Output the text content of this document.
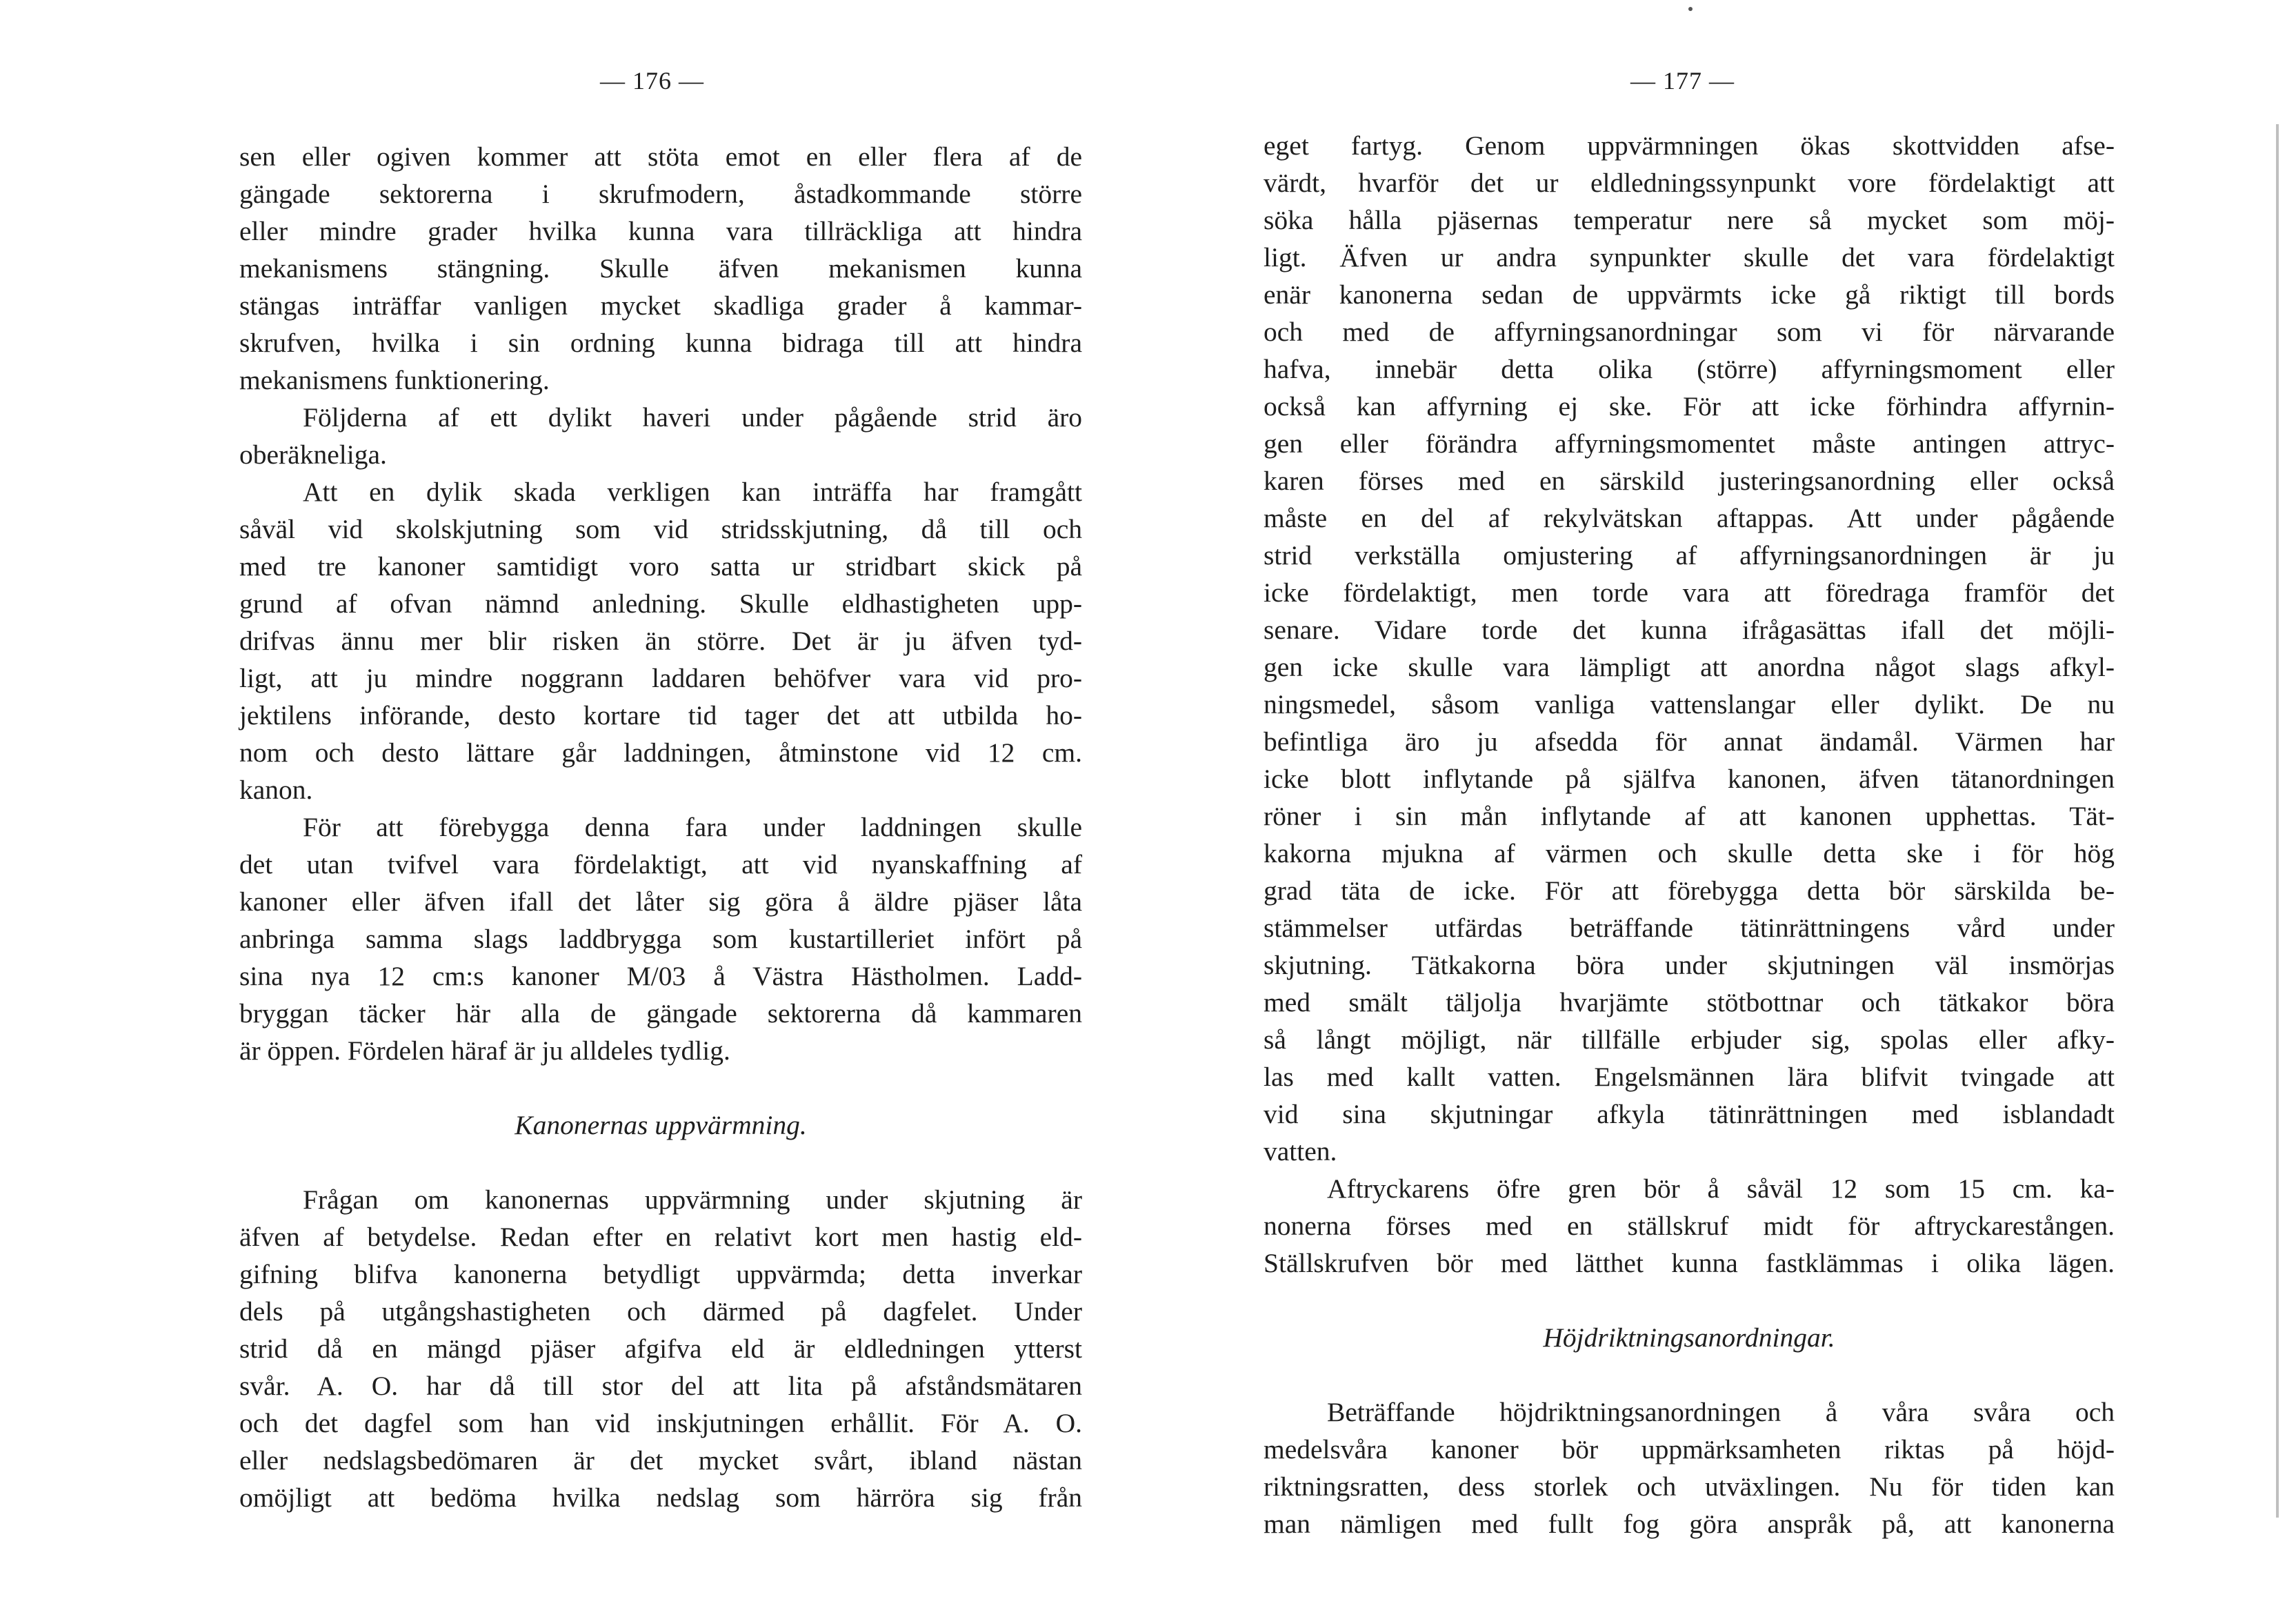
— 176 —
sen eller ogiven kommer att stöta emot en eller flera af de
gängade sektorerna i skrufmodern, åstadkommande större
eller mindre grader hvilka kunna vara tillräckliga att hindra
mekanismens stängning. Skulle äfven mekanismen kunna
stängas inträffar vanligen mycket skadliga grader å kammar-
skrufven, hvilka i sin ordning kunna bidraga till att hindra
mekanismens funktionering.
Följderna af ett dylikt haveri under pågående strid äro
oberäkneliga.
Att en dylik skada verkligen kan inträffa har framgått
såväl vid skolskjutning som vid stridsskjutning, då till och
med tre kanoner samtidigt voro satta ur stridbart skick på
grund af ofvan nämnd anledning. Skulle eldhastigheten upp-
drifvas ännu mer blir risken än större. Det är ju äfven tyd-
ligt, att ju mindre noggrann laddaren behöfver vara vid pro-
jektilens införande, desto kortare tid tager det att utbilda ho-
nom och desto lättare går laddningen, åtminstone vid 12 cm.
kanon.
För att förebygga denna fara under laddningen skulle
det utan tvifvel vara fördelaktigt, att vid nyanskaffning af
kanoner eller äfven ifall det låter sig göra å äldre pjäser låta
anbringa samma slags laddbrygga som kustartilleriet infört på
sina nya 12 cm:s kanoner M/03 å Västra Hästholmen. Ladd-
bryggan täcker här alla de gängade sektorerna då kammaren
är öppen. Fördelen häraf är ju alldeles tydlig.
Kanonernas uppvärmning.
Frågan om kanonernas uppvärmning under skjutning är
äfven af betydelse. Redan efter en relativt kort men hastig eld-
gifning blifva kanonerna betydligt uppvärmda; detta inverkar
dels på utgångshastigheten och därmed på dagfelet. Under
strid då en mängd pjäser afgifva eld är eldledningen ytterst
svår. A. O. har då till stor del att lita på afståndsmätaren
och det dagfel som han vid inskjutningen erhållit. För A. O.
eller nedslagsbedömaren är det mycket svårt, ibland nästan
omöjligt att bedöma hvilka nedslag som härröra sig från
— 177 —
eget fartyg. Genom uppvärmningen ökas skottvidden afse-
värdt, hvarför det ur eldledningssynpunkt vore fördelaktigt att
söka hålla pjäsernas temperatur nere så mycket som möj-
ligt. Äfven ur andra synpunkter skulle det vara fördelaktigt
enär kanonerna sedan de uppvärmts icke gå riktigt till bords
och med de affyrningsanordningar som vi för närvarande
hafva, innebär detta olika (större) affyrningsmoment eller
också kan affyrning ej ske. För att icke förhindra affyrnin-
gen eller förändra affyrningsmomentet måste antingen attryc-
karen förses med en särskild justeringsanordning eller också
måste en del af rekylvätskan aftappas. Att under pågående
strid verkställa omjustering af affyrningsanordningen är ju
icke fördelaktigt, men torde vara att föredraga framför det
senare. Vidare torde det kunna ifrågasättas ifall det möjli-
gen icke skulle vara lämpligt att anordna något slags afkyl-
ningsmedel, såsom vanliga vattenslangar eller dylikt. De nu
befintliga äro ju afsedda för annat ändamål. Värmen har
icke blott inflytande på själfva kanonen, äfven tätanordningen
röner i sin mån inflytande af att kanonen upphettas. Tät-
kakorna mjukna af värmen och skulle detta ske i för hög
grad täta de icke. För att förebygga detta bör särskilda be-
stämmelser utfärdas beträffande tätinrättningens vård under
skjutning. Tätkakorna böra under skjutningen väl insmörjas
med smält täljolja hvarjämte stötbottnar och tätkakor böra
så långt möjligt, när tillfälle erbjuder sig, spolas eller afky-
las med kallt vatten. Engelsmännen lära blifvit tvingade att
vid sina skjutningar afkyla tätinrättningen med isblandadt
vatten.
Aftryckarens öfre gren bör å såväl 12 som 15 cm. ka-
nonerna förses med en ställskruf midt för aftryckarestången.
Ställskrufven bör med lätthet kunna fastklämmas i olika lägen.
Höjdriktningsanordningar.
Beträffande höjdriktningsanordningen å våra svåra och
medelsvåra kanoner bör uppmärksamheten riktas på höjd-
riktningsratten, dess storlek och utväxlingen. Nu för tiden kan
man nämligen med fullt fog göra anspråk på, att kanonerna
